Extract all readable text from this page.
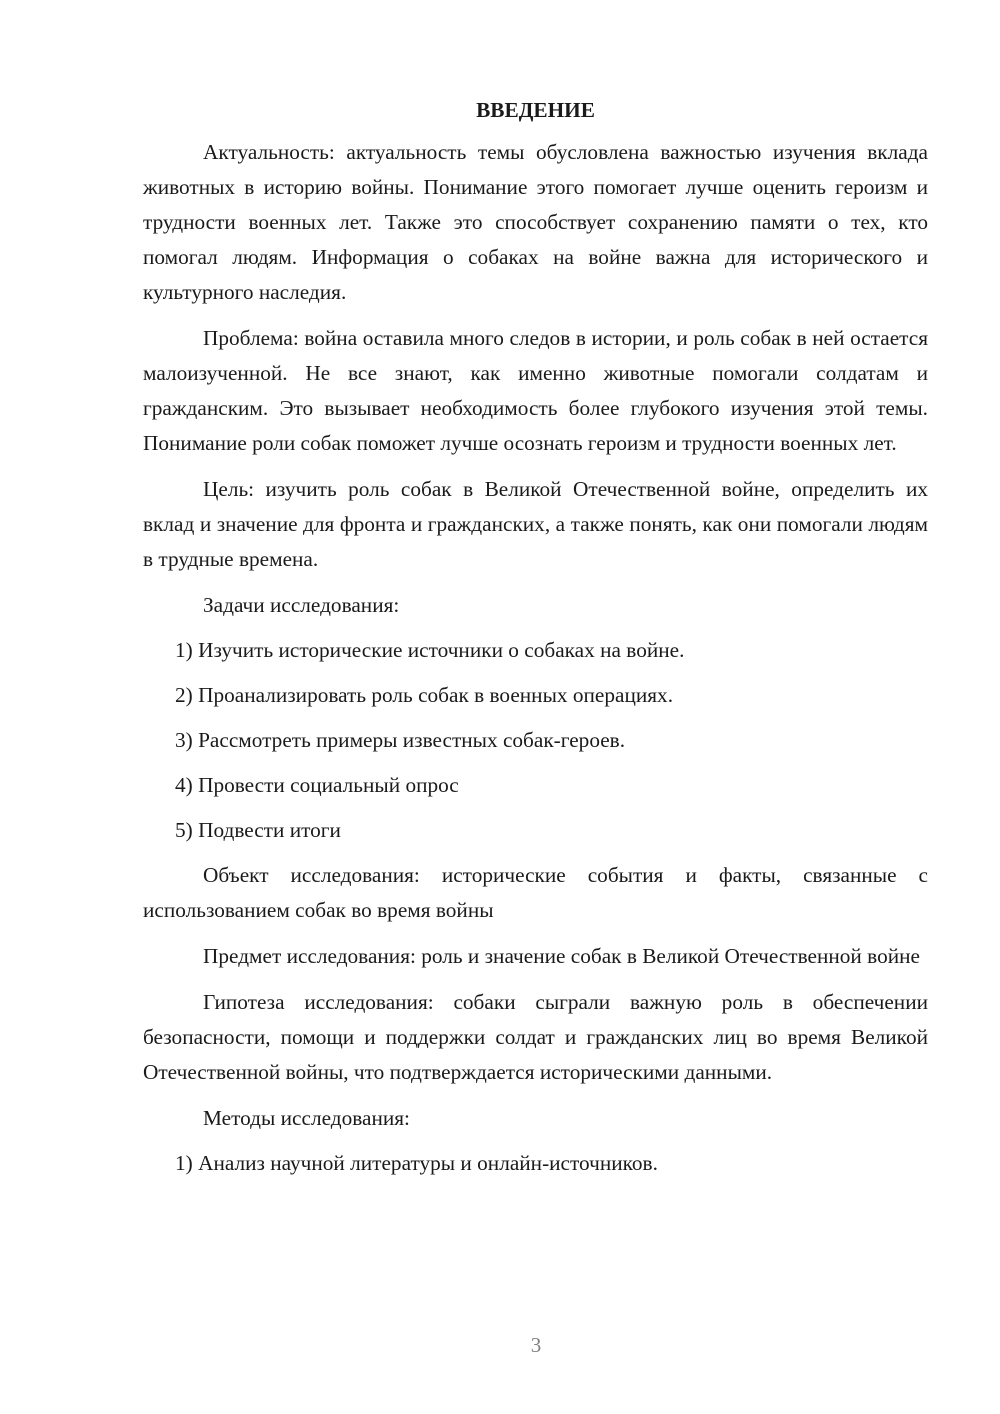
ВВЕДЕНИЕ

Актуальность: актуальность темы обусловлена важностью изучения вклада животных в историю войны. Понимание этого помогает лучше оценить героизм и трудности военных лет. Также это способствует сохранению памяти о тех, кто помогал людям. Информация о собаках на войне важна для исторического и культурного наследия.

Проблема: война оставила много следов в истории, и роль собак в ней остается малоизученной. Не все знают, как именно животные помогали солдатам и гражданским. Это вызывает необходимость более глубокого изучения этой темы. Понимание роли собак поможет лучше осознать героизм и трудности военных лет.

Цель: изучить роль собак в Великой Отечественной войне, определить их вклад и значение для фронта и гражданских, а также понять, как они помогали людям в трудные времена.

Задачи исследования:
1) Изучить исторические источники о собаках на войне.
2) Проанализировать роль собак в военных операциях.
3) Рассмотреть примеры известных собак-героев.
4) Провести социальный опрос
5) Подвести итоги

Объект исследования: исторические события и факты, связанные с использованием собак во время войны

Предмет исследования: роль и значение собак в Великой Отечественной войне

Гипотеза исследования: собаки сыграли важную роль в обеспечении безопасности, помощи и поддержки солдат и гражданских лиц во время Великой Отечественной войны, что подтверждается историческими данными.

Методы исследования:
1) Анализ научной литературы и онлайн-источников.
3
